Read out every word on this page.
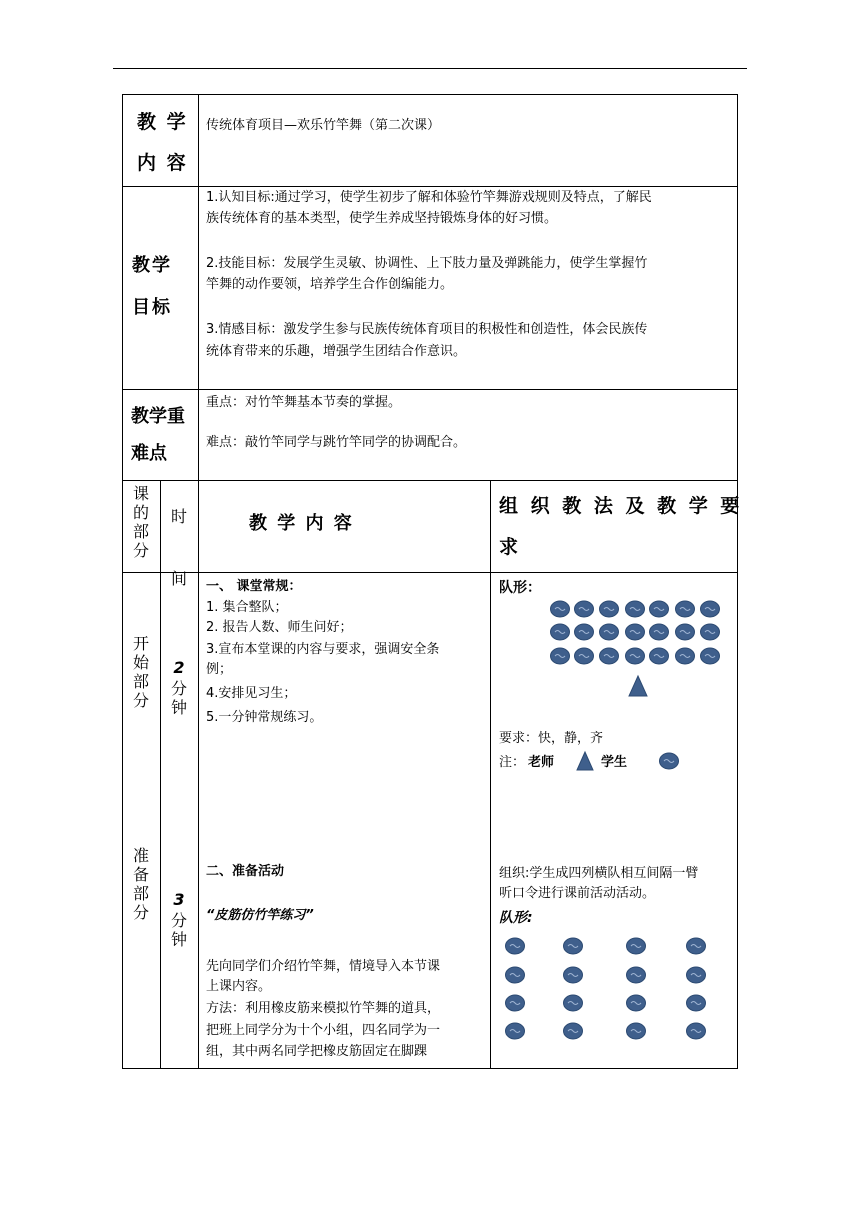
教 学
内 容
传统体育项目—欢乐竹竿舞（第二次课）
教学
目标
1.认知目标:通过学习，使学生初步了解和体验竹竿舞游戏规则及特点，了解民
族传统体育的基本类型，使学生养成坚持锻炼身体的好习惯。
2.技能目标：发展学生灵敏、协调性、上下肢力量及弹跳能力，使学生掌握竹
竿舞的动作要领，培养学生合作创编能力。
3.情感目标：激发学生参与民族传统体育项目的积极性和创造性，体会民族传
统体育带来的乐趣，增强学生团结合作意识。
教学重
难点
重点：对竹竿舞基本节奏的掌握。
难点：敲竹竿同学与跳竹竿同学的协调配合。
课的部分
时间
教 学 内 容
组 织 教 法 及 教 学 要
求
开始部分
2
分钟
一、 课堂常规：
1. 集合整队；
2. 报告人数、师生问好；
3.宣布本堂课的内容与要求，强调安全条
例；
4.安排见习生；
5.一分钟常规练习。
队形：
要求：快，静，齐
注： 老师	学生
准备部分
3
分钟
二、准备活动
“皮筋仿竹竿练习”
先向同学们介绍竹竿舞，情境导入本节课
上课内容。
方法：利用橡皮筋来模拟竹竿舞的道具，
把班上同学分为十个小组，四名同学为一
组，其中两名同学把橡皮筋固定在脚踝
组织:学生成四列横队相互间隔一臂
听口令进行课前活动活动。
队形:
